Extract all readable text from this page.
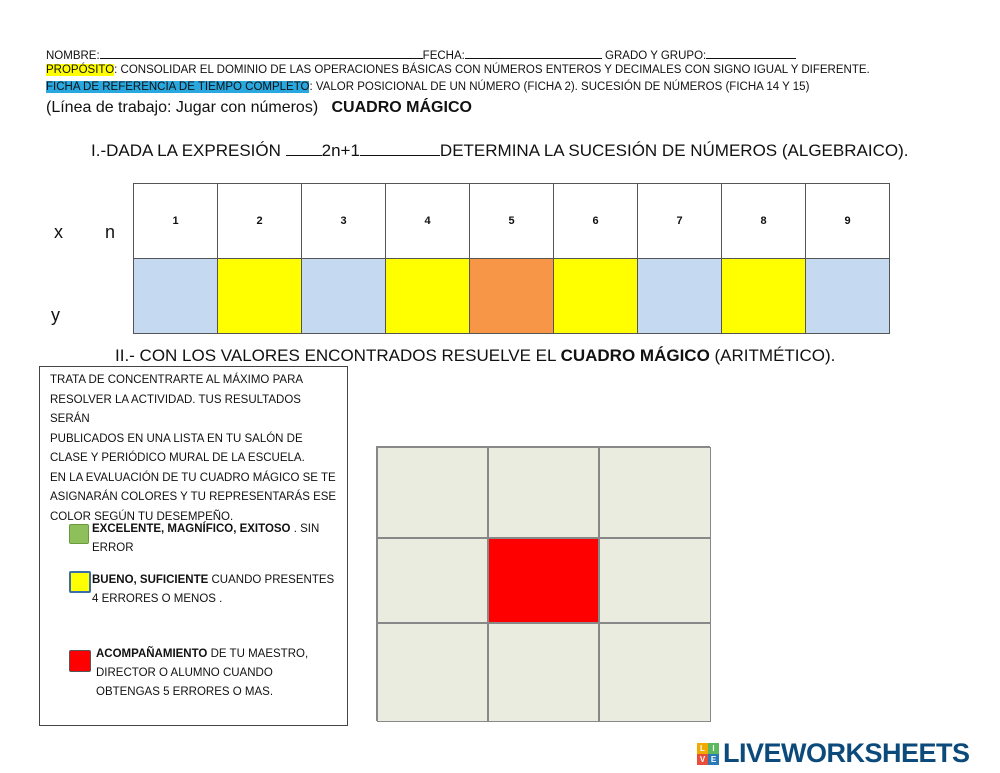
NOMBRE:	FECHA:	GRADO Y GRUPO:
PROPÓSITO: CONSOLIDAR EL DOMINIO DE LAS OPERACIONES BÁSICAS CON NÚMEROS ENTEROS Y DECIMALES CON SIGNO IGUAL Y DIFERENTE.
FICHA DE REFERENCIA DE TIEMPO COMPLETO: VALOR POSICIONAL DE UN NÚMERO (FICHA 2). SUCESIÓN DE NÚMEROS (FICHA 14 Y 15)
(Línea de trabajo: Jugar con números) CUADRO MÁGICO
I.-DADA LA EXPRESIÓN 2n+1	DETERMINA LA SUCESIÓN DE NÚMEROS (ALGEBRAICO).
x n
y
1	2	3	4	5	6	7	8	9

II.- CON LOS VALORES ENCONTRADOS RESUELVE EL CUADRO MÁGICO (ARITMÉTICO).

TRATA DE CONCENTRARTE AL MÁXIMO PARA

RESOLVER LA ACTIVIDAD. TUS RESULTADOS SERÁN

PUBLICADOS EN UNA LISTA EN TU SALÓN DE

CLASE Y PERIÓDICO MURAL DE LA ESCUELA.

EN LA EVALUACIÓN DE TU CUADRO MÁGICO SE TE

ASIGNARÁN COLORES Y TU REPRESENTARÁS ESE

COLOR SEGÚN TU DESEMPEÑO.

EXCELENTE, MAGNÍFICO, EXITOSO . SIN
ERROR
BUENO, SUFICIENTE CUANDO PRESENTES
4 ERRORES O MENOS .
ACOMPAÑAMIENTO DE TU MAESTRO,
DIRECTOR O ALUMNO CUANDO
OBTENGAS 5 ERRORES O MAS.
L I
V E LIVEWORKSHEETS
